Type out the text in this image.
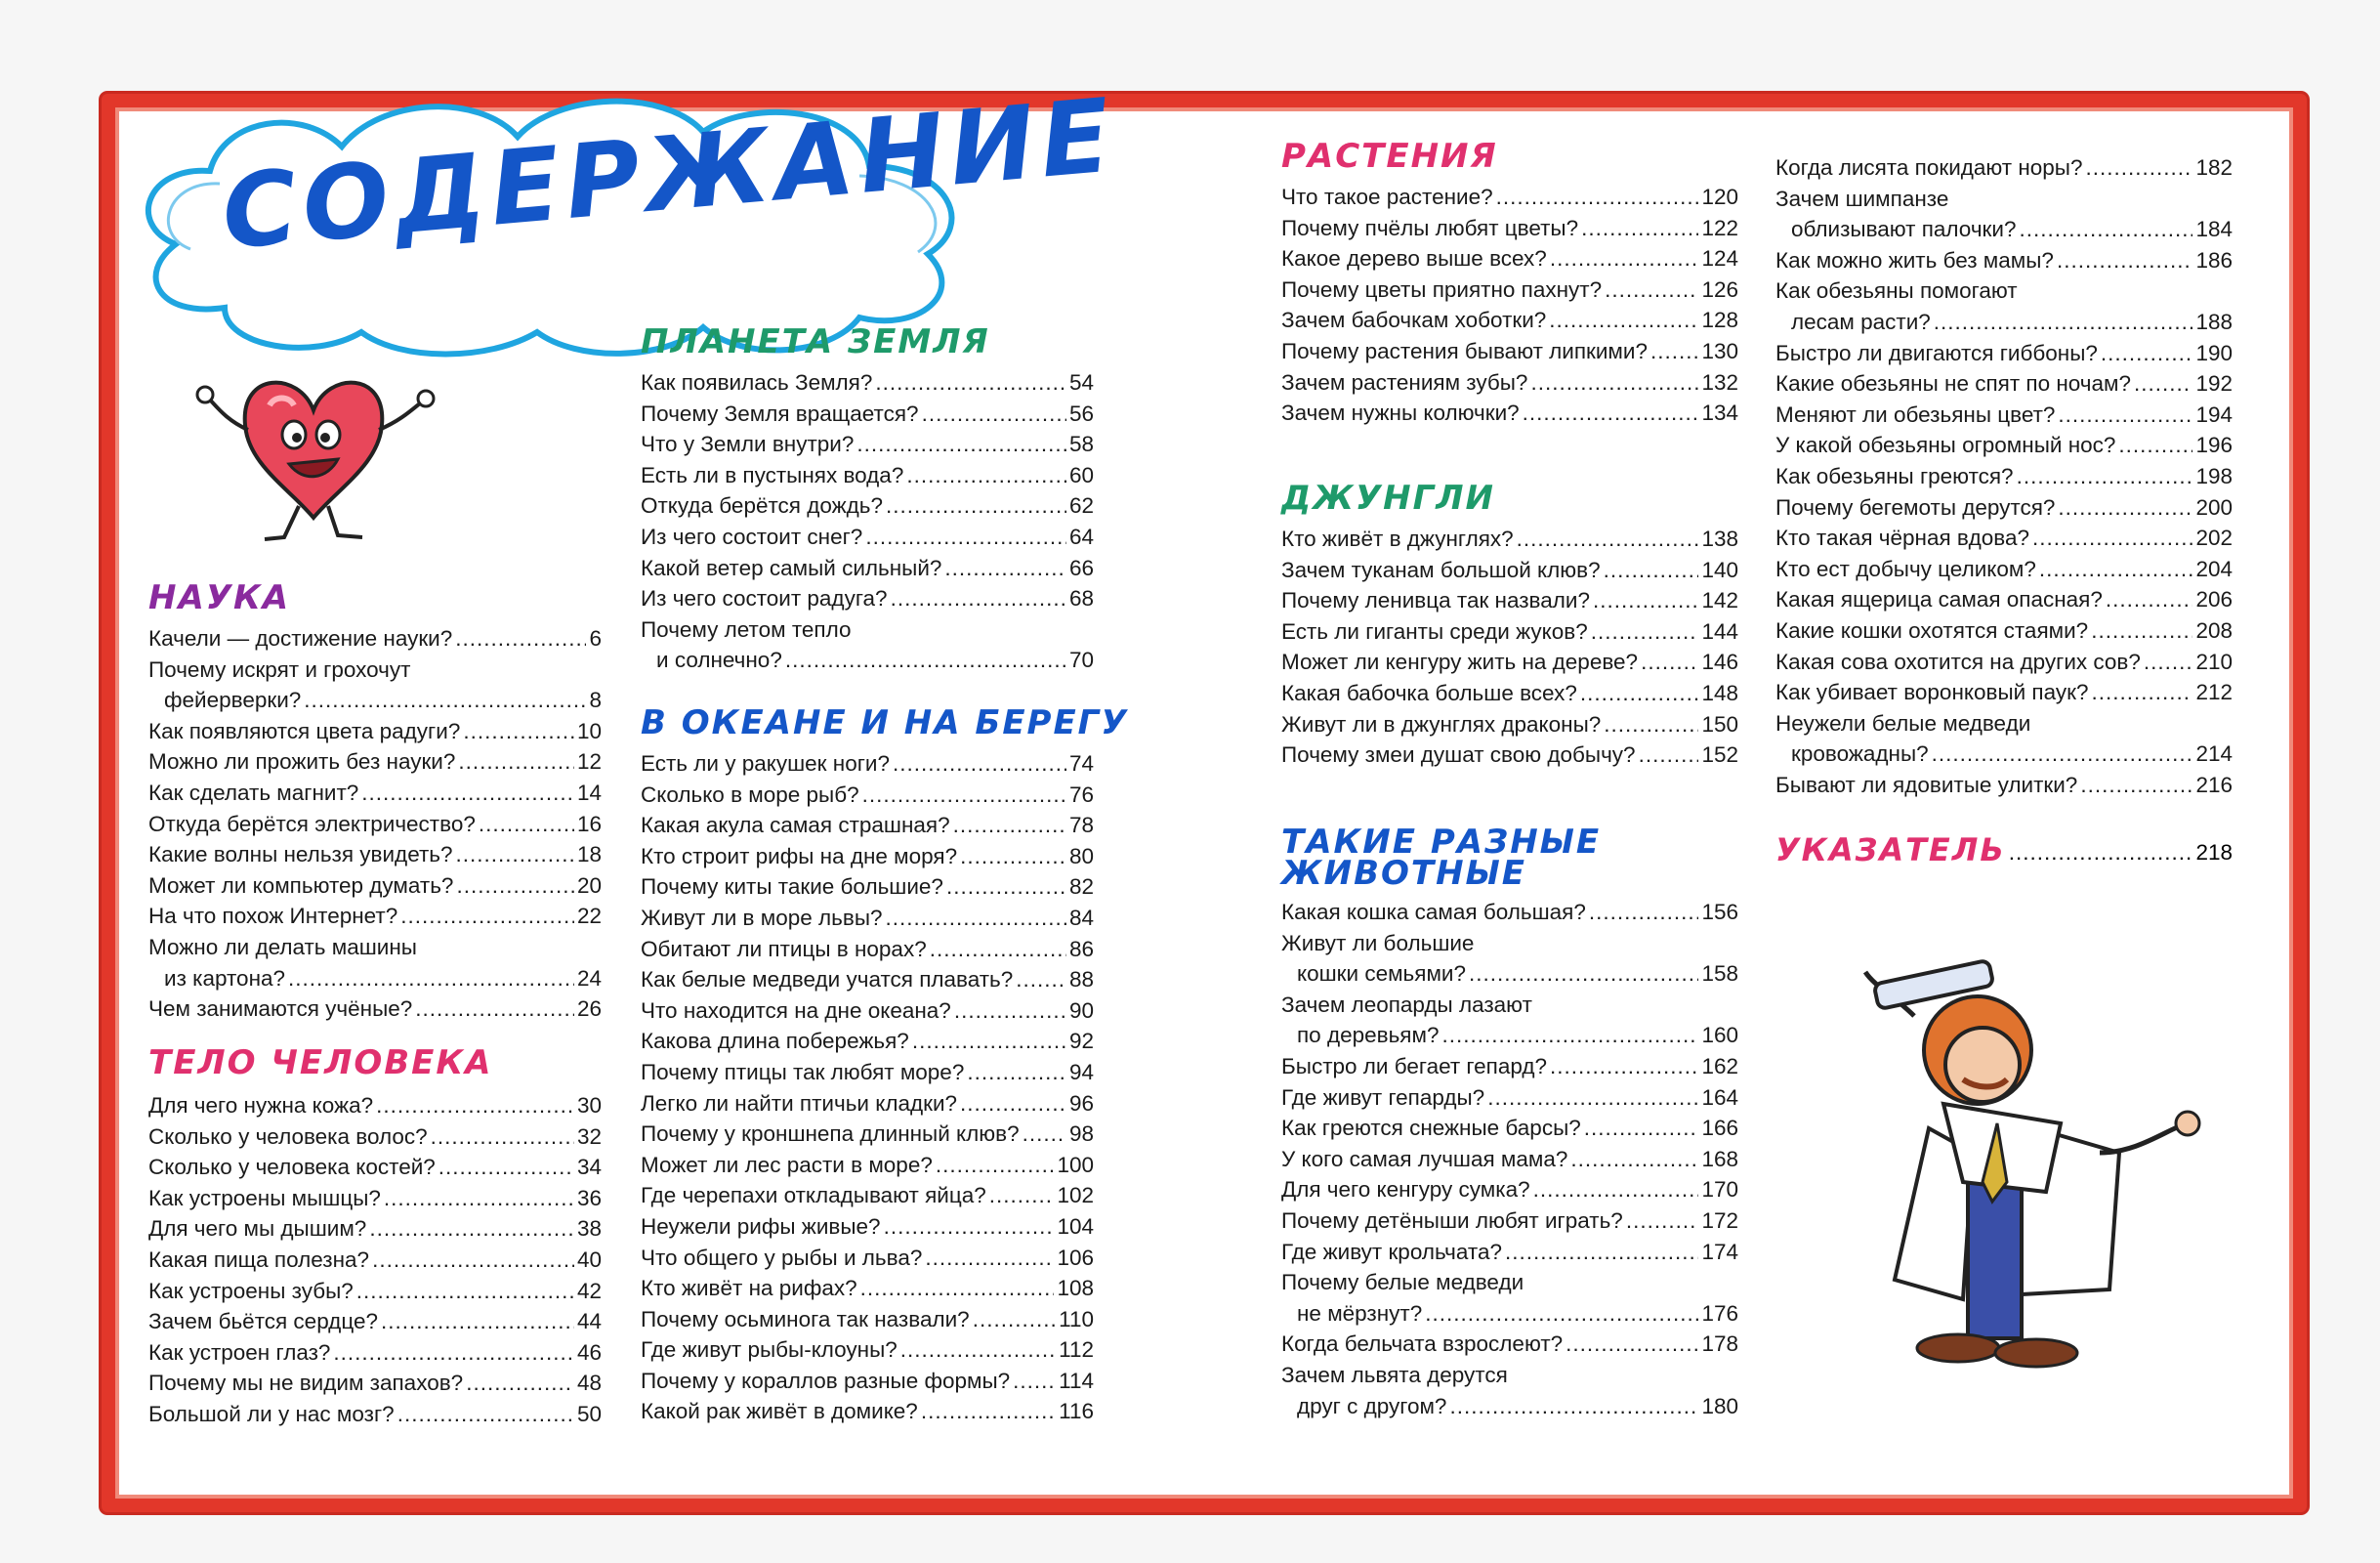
СОДЕРЖАНИЕ
НАУКА
Качели — достижение науки? .....	6
Почему искрят и грохочут
фейерверки? .....	8
Как появляются цвета радуги? .....	10
Можно ли прожить без науки? .....	12
Как сделать магнит? .....	14
Откуда берётся электричество? .....	16
Какие волны нельзя увидеть? .....	18
Может ли компьютер думать? .....	20
На что похож Интернет? .....	22
Можно ли делать машины
из картона? .....	24
Чем занимаются учёные? .....	26
ТЕЛО ЧЕЛОВЕКА
Для чего нужна кожа? .....	30
Сколько у человека волос? .....	32
Сколько у человека костей? .....	34
Как устроены мышцы? .....	36
Для чего мы дышим? .....	38
Какая пища полезна? .....	40
Как устроены зубы? .....	42
Зачем бьётся сердце? .....	44
Как устроен глаз? .....	46
Почему мы не видим запахов? .....	48
Большой ли у нас мозг? .....	50
ПЛАНЕТА ЗЕМЛЯ
Как появилась Земля? .....	54
Почему Земля вращается? .....	56
Что у Земли внутри? .....	58
Есть ли в пустынях вода? .....	60
Откуда берётся дождь? .....	62
Из чего состоит снег? .....	64
Какой ветер самый сильный? .....	66
Из чего состоит радуга? .....	68
Почему летом тепло
и солнечно? .....	70
В ОКЕАНЕ И НА БЕРЕГУ
Есть ли у ракушек ноги? .....	74
Сколько в море рыб? .....	76
Какая акула самая страшная? .....	78
Кто строит рифы на дне моря? .....	80
Почему киты такие большие? .....	82
Живут ли в море львы? .....	84
Обитают ли птицы в норах? .....	86
Как белые медведи учатся плавать? .....	88
Что находится на дне океана? .....	90
Какова длина побережья? .....	92
Почему птицы так любят море? .....	94
Легко ли найти птичьи кладки? .....	96
Почему у кроншнепа длинный клюв? ..... 98
Может ли лес расти в море? .....	100
Где черепахи откладывают яйца? .....	102
Неужели рифы живые? .....	104
Что общего у рыбы и льва? .....	106
Кто живёт на рифах? .....	108
Почему осьминога так назвали? .....	110
Где живут рыбы-клоуны? .....	112
Почему у кораллов разные формы? ..... 114
Какой рак живёт в домике? .....	116
РАСТЕНИЯ
Что такое растение? .....	120
Почему пчёлы любят цветы? .....	122
Какое дерево выше всех? .....	124
Почему цветы приятно пахнут? .....	126
Зачем бабочкам хоботки? .....	128
Почему растения бывают липкими? ..... 130
Зачем растениям зубы? .....	132
Зачем нужны колючки? .....	134
ДЖУНГЛИ
Кто живёт в джунглях? .....	138
Зачем туканам большой клюв? .....	140
Почему ленивца так назвали? .....	142
Есть ли гиганты среди жуков? .....	144
Может ли кенгуру жить на дереве? .....	146
Какая бабочка больше всех? .....	148
Живут ли в джунглях драконы? .....	150
Почему змеи душат свою добычу? .....	152
ТАКИЕ РАЗНЫЕ
ЖИВОТНЫЕ
Какая кошка самая большая? .....	156
Живут ли большие
кошки семьями? .....	158
Зачем леопарды лазают
по деревьям? .....	160
Быстро ли бегает гепард? .....	162
Где живут гепарды? .....	164
Как греются снежные барсы? .....	166
У кого самая лучшая мама? .....	168
Для чего кенгуру сумка? .....	170
Почему детёныши любят играть? .....	172
Где живут крольчата? .....	174
Почему белые медведи
не мёрзнут? .....	176
Когда бельчата взрослеют? .....	178
Зачем львята дерутся
друг с другом? .....	180
Когда лисята покидают норы? .....	182
Зачем шимпанзе
облизывают палочки? .....	184
Как можно жить без мамы? .....	186
Как обезьяны помогают
лесам расти? .....	188
Быстро ли двигаются гиббоны? .....	190
Какие обезьяны не спят по ночам? .....	192
Меняют ли обезьяны цвет? .....	194
У какой обезьяны огромный нос? .....	196
Как обезьяны греются? .....	198
Почему бегемоты дерутся? .....	200
Кто такая чёрная вдова? .....	202
Кто ест добычу целиком? .....	204
Какая ящерица самая опасная? .....	206
Какие кошки охотятся стаями? .....	208
Какая сова охотится на других сов? .....	210
Как убивает воронковый паук? .....	212
Неужели белые медведи
кровожадны? .....	214
Бывают ли ядовитые улитки? .....	216
УКАЗАТЕЛЬ .....	218
